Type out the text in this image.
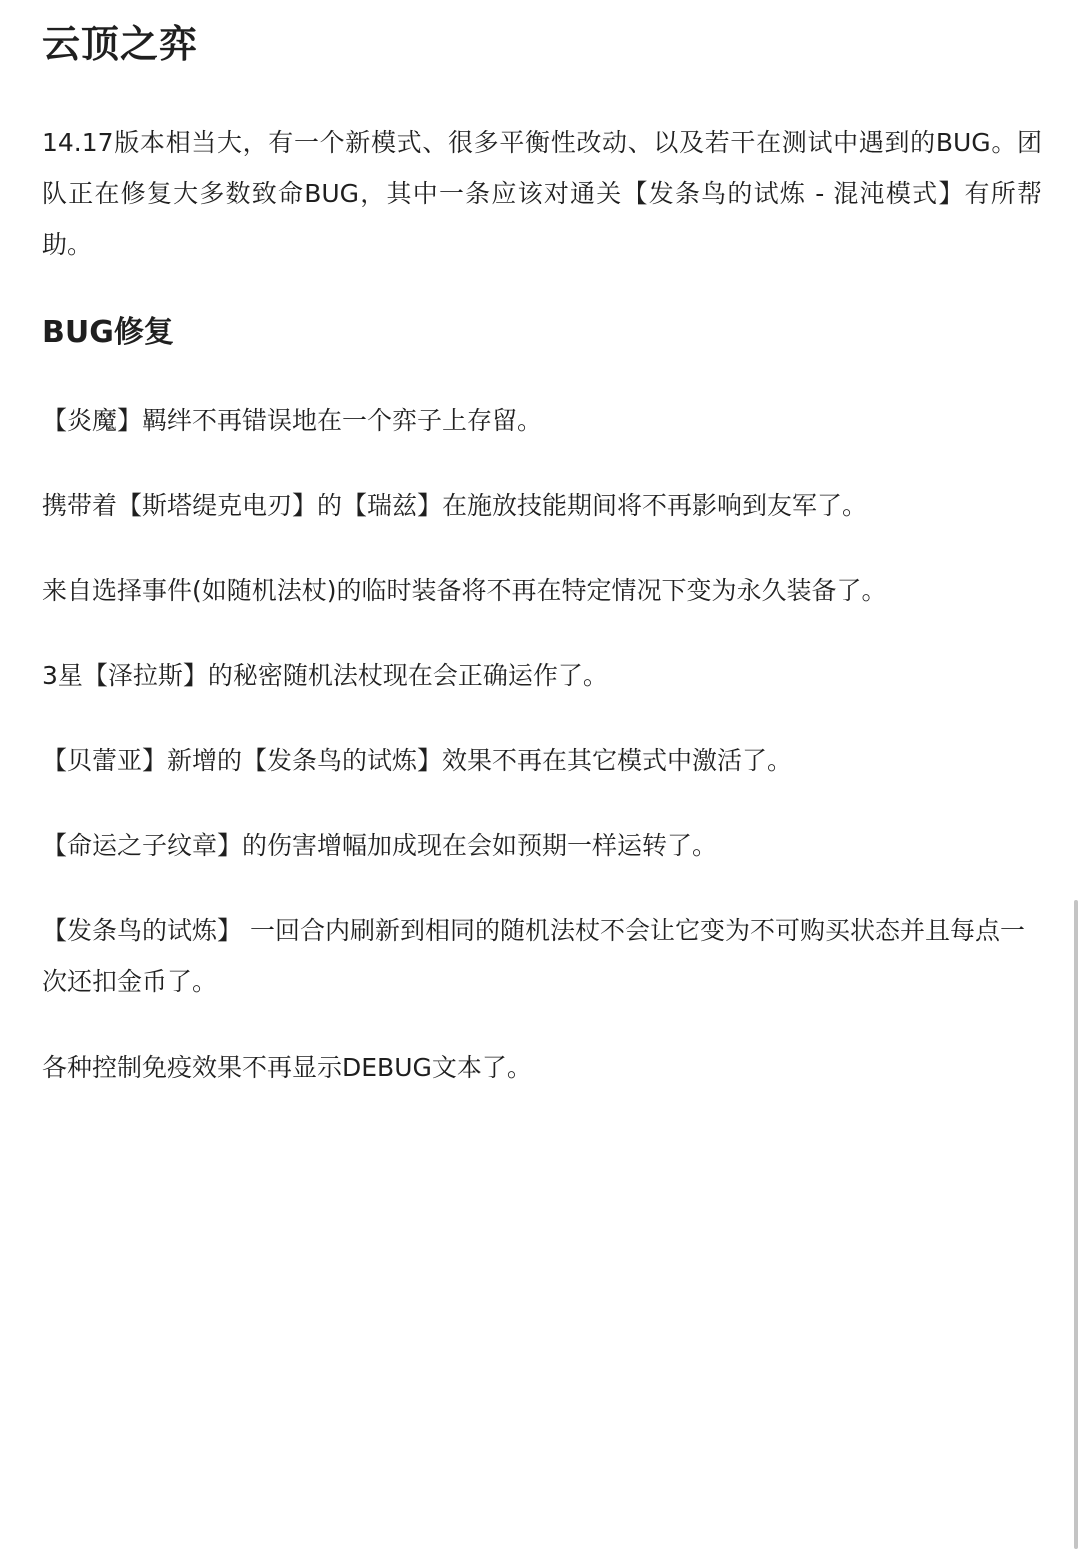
云顶之弈

14.17版本相当大，有一个新模式、很多平衡性改动、以及若干在测试中遇到的BUG。团队正在修复大多数致命BUG，其中一条应该对通关【发条鸟的试炼 - 混沌模式】有所帮助。

BUG修复
【炎魔】羁绊不再错误地在一个弈子上存留。
携带着【斯塔缇克电刃】的【瑞兹】在施放技能期间将不再影响到友军了。
来自选择事件(如随机法杖)的临时装备将不再在特定情况下变为永久装备了。
3星【泽拉斯】的秘密随机法杖现在会正确运作了。
【贝蕾亚】新增的【发条鸟的试炼】效果不再在其它模式中激活了。
【命运之子纹章】的伤害增幅加成现在会如预期一样运转了。
【发条鸟的试炼】 一回合内刷新到相同的随机法杖不会让它变为不可购买状态并且每点一次还扣金币了。
各种控制免疫效果不再显示DEBUG文本了。
